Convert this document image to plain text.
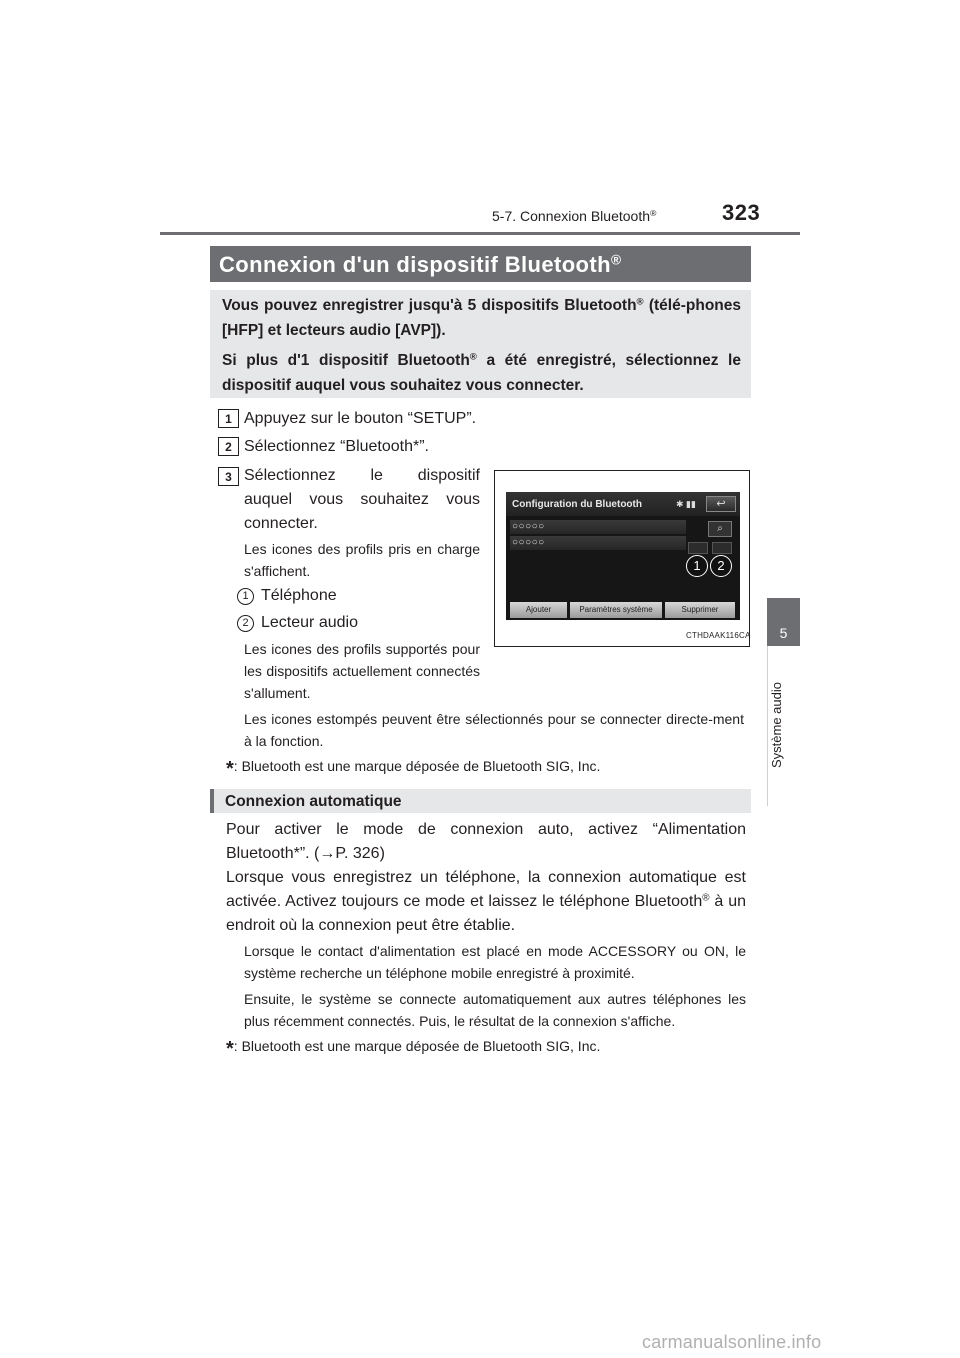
5-7. Connexion Bluetooth®	323
5
Système audio
Connexion d'un dispositif Bluetooth®

Vous pouvez enregistrer jusqu'à 5 dispositifs Bluetooth® (télé-phones [HFP] et lecteurs audio [AVP]).

Si plus d'1 dispositif Bluetooth® a été enregistré, sélectionnez le dispositif auquel vous souhaitez vous connecter.

1 Appuyez sur le bouton “SETUP”.
2 Sélectionnez “Bluetooth*”.
3 Sélectionnez le dispositif
auquel vous souhaitez vous
connecter.
Les icones des profils pris en charge s'affichent.
1 Téléphone
2 Lecteur audio
Les icones des profils supportés pour les dispositifs actuellement connectés s'allument.
Les icones estompés peuvent être sélectionnés pour se connecter directe-ment à la fonction.
*: Bluetooth est une marque déposée de Bluetooth SIG, Inc.
Configuration du Bluetooth	✱ ▮▮	↩
○○○○○
○○○○○
⌕
1	2
Ajouter	Paramètres système	Supprimer
CTHDAAK116CA
Connexion automatique
Pour activer le mode de connexion auto, activez “Alimentation Bluetooth*”. (→P. 326)
Lorsque vous enregistrez un téléphone, la connexion automatique est activée. Activez toujours ce mode et laissez le téléphone Bluetooth® à un endroit où la connexion peut être établie.
Lorsque le contact d'alimentation est placé en mode ACCESSORY ou ON, le système recherche un téléphone mobile enregistré à proximité.
Ensuite, le système se connecte automatiquement aux autres téléphones les plus récemment connectés. Puis, le résultat de la connexion s'affiche.
*: Bluetooth est une marque déposée de Bluetooth SIG, Inc.
carmanualsonline.info
